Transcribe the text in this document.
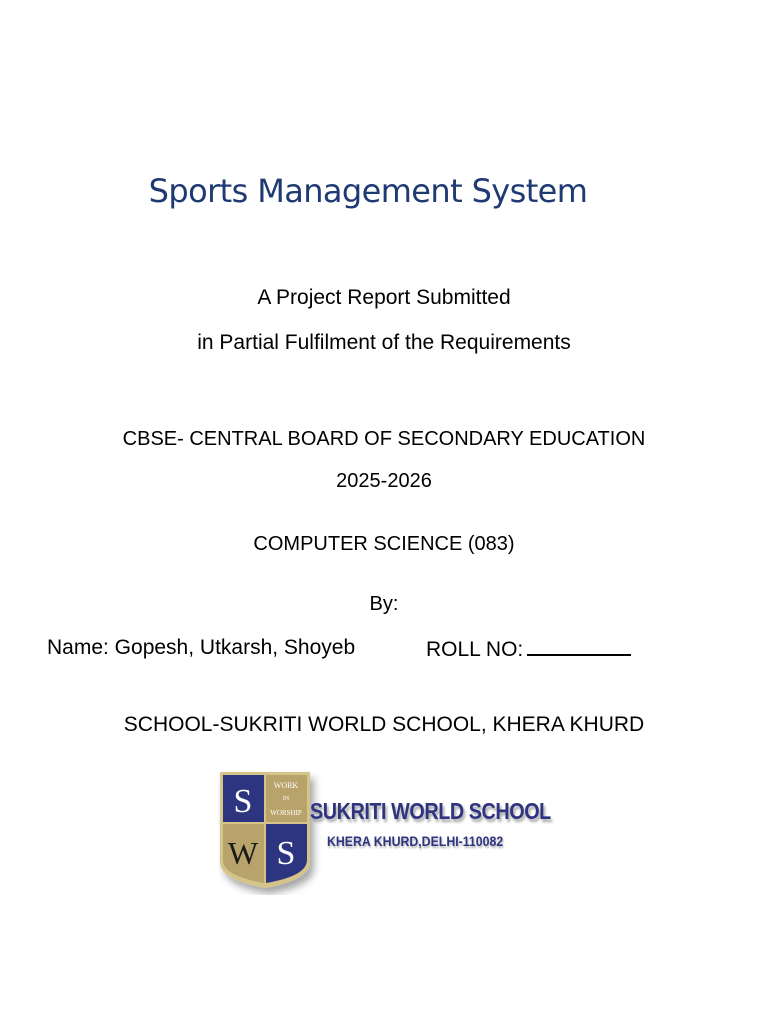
Sports Management System
A Project Report Submitted
in Partial Fulfilment of the Requirements
CBSE- CENTRAL BOARD OF SECONDARY EDUCATION
2025-2026
COMPUTER SCIENCE (083)
By:
Name: Gopesh, Utkarsh, Shoyeb	ROLL NO:
SCHOOL-SUKRITI WORLD SCHOOL, KHERA KHURD
S
W S
WORK
IN
WORSHIP SUKRITI WORLD SCHOOL
KHERA KHURD,DELHI-110082
